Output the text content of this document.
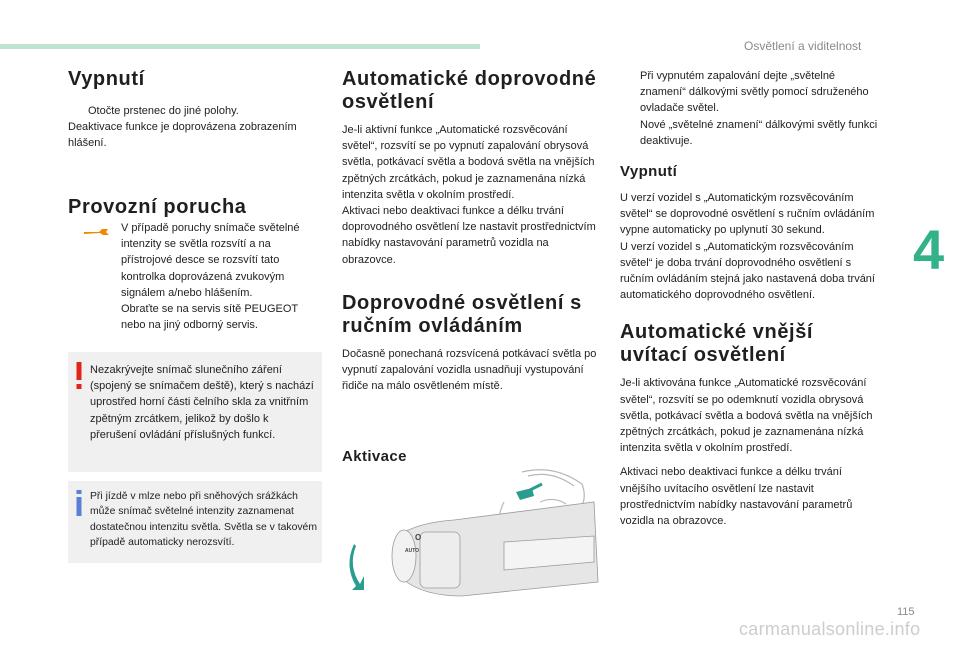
Osvětlení a viditelnost
4
Vypnutí
Otočte prstenec do jiné polohy.

Deaktivace funkce je doprovázena zobrazením hlášení.

Provozní porucha

V případě poruchy snímače světelné intenzity se světla rozsvítí a na přístrojové desce se rozsvítí tato kontrolka doprovázená zvukovým signálem a/nebo hlášením.

Obraťte se na servis sítě PEUGEOT nebo na jiný odborný servis.

Nezakrývejte snímač slunečního záření (spojený se snímačem deště), který s nachází uprostřed horní části čelního skla za vnitřním zpětným zrcátkem, jelikož by došlo k přerušení ovládání příslušných funkcí.

Při jízdě v mlze nebo při sněhových srážkách může snímač světelné intenzity zaznamenat dostatečnou intenzitu světla. Světla se v takovém případě automaticky nerozsvítí.

Automatické doprovodné osvětlení

Je-li aktivní funkce „Automatické rozsvěcování světel“, rozsvítí se po vypnutí zapalování obrysová světla, potkávací světla a bodová světla na vnějších zpětných zrcátkách, pokud je zaznamenána nízká intenzita světla v okolním prostředí.

Aktivaci nebo deaktivaci funkce a délku trvání doprovodného osvětlení lze nastavit prostřednictvím nabídky nastavování parametrů vozidla na obrazovce.

Doprovodné osvětlení s ručním ovládáním

Dočasně ponechaná rozsvícená potkávací světla po vypnutí zapalování vozidla usnadňují vystupování řidiče na málo osvětleném místě.

Aktivace
O
AUTO
Při vypnutém zapalování dejte „světelné znamení“ dálkovými světly pomocí sdruženého ovladače světel.
Nové „světelné znamení“ dálkovými světly funkci deaktivuje.
Vypnutí

U verzí vozidel s „Automatickým rozsvěcováním světel“ se doprovodné osvětlení s ručním ovládáním vypne automaticky po uplynutí 30 sekund.

U verzí vozidel s „Automatickým rozsvěcováním světel“ je doba trvání doprovodného osvětlení s ručním ovládáním stejná jako nastavená doba trvání automatického doprovodného osvětlení.

Automatické vnější uvítací osvětlení

Je-li aktivována funkce „Automatické rozsvěcování světel“, rozsvítí se po odemknutí vozidla obrysová světla, potkávací světla a bodová světla na vnějších zpětných zrcátkách, pokud je zaznamenána nízká intenzita světla v okolním prostředí.

Aktivaci nebo deaktivaci funkce a délku trvání vnějšího uvítacího osvětlení lze nastavit prostřednictvím nabídky nastavování parametrů vozidla na obrazovce.

115
carmanualsonline.info
